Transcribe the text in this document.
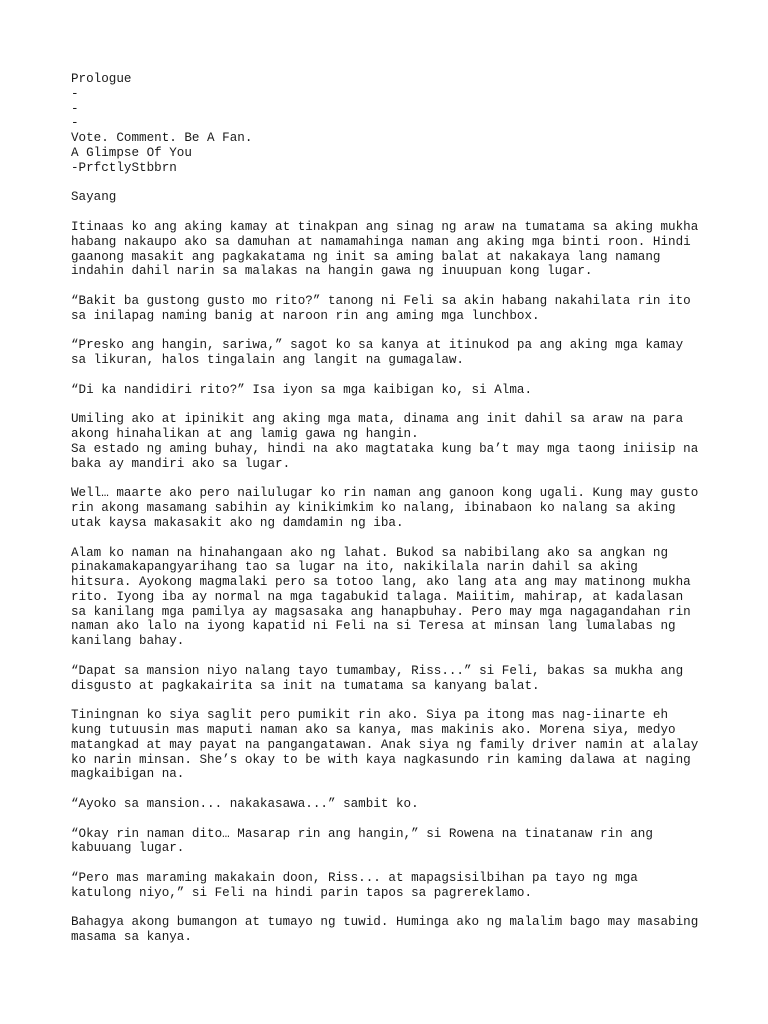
Prologue
-
-
-
Vote. Comment. Be A Fan.
A Glimpse Of You
-PrfctlyStbbrn
Sayang
Itinaas ko ang aking kamay at tinakpan ang sinag ng araw na tumatama sa aking mukha
habang nakaupo ako sa damuhan at namamahinga naman ang aking mga binti roon. Hindi
gaanong masakit ang pagkakatama ng init sa aming balat at nakakaya lang namang
indahin dahil narin sa malakas na hangin gawa ng inuupuan kong lugar.
“Bakit ba gustong gusto mo rito?” tanong ni Feli sa akin habang nakahilata rin ito
sa inilapag naming banig at naroon rin ang aming mga lunchbox.
“Presko ang hangin, sariwa,” sagot ko sa kanya at itinukod pa ang aking mga kamay
sa likuran, halos tingalain ang langit na gumagalaw.
“Di ka nandidiri rito?” Isa iyon sa mga kaibigan ko, si Alma.
Umiling ako at ipinikit ang aking mga mata, dinama ang init dahil sa araw na para
akong hinahalikan at ang lamig gawa ng hangin.
Sa estado ng aming buhay, hindi na ako magtataka kung ba’t may mga taong iniisip na
baka ay mandiri ako sa lugar.
Well… maarte ako pero nailulugar ko rin naman ang ganoon kong ugali. Kung may gusto
rin akong masamang sabihin ay kinikimkim ko nalang, ibinabaon ko nalang sa aking
utak kaysa makasakit ako ng damdamin ng iba.
Alam ko naman na hinahangaan ako ng lahat. Bukod sa nabibilang ako sa angkan ng
pinakamakapangyarihang tao sa lugar na ito, nakikilala narin dahil sa aking
hitsura. Ayokong magmalaki pero sa totoo lang, ako lang ata ang may matinong mukha
rito. Iyong iba ay normal na mga tagabukid talaga. Maiitim, mahirap, at kadalasan
sa kanilang mga pamilya ay magsasaka ang hanapbuhay. Pero may mga nagagandahan rin
naman ako lalo na iyong kapatid ni Feli na si Teresa at minsan lang lumalabas ng
kanilang bahay.
“Dapat sa mansion niyo nalang tayo tumambay, Riss...” si Feli, bakas sa mukha ang
disgusto at pagkakairita sa init na tumatama sa kanyang balat.
Tiningnan ko siya saglit pero pumikit rin ako. Siya pa itong mas nag-iinarte eh
kung tutuusin mas maputi naman ako sa kanya, mas makinis ako. Morena siya, medyo
matangkad at may payat na pangangatawan. Anak siya ng family driver namin at alalay
ko narin minsan. She’s okay to be with kaya nagkasundo rin kaming dalawa at naging
magkaibigan na.
“Ayoko sa mansion... nakakasawa...” sambit ko.
“Okay rin naman dito… Masarap rin ang hangin,” si Rowena na tinatanaw rin ang
kabuuang lugar.
“Pero mas maraming makakain doon, Riss... at mapagsisilbihan pa tayo ng mga
katulong niyo,” si Feli na hindi parin tapos sa pagrereklamo.
Bahagya akong bumangon at tumayo ng tuwid. Huminga ako ng malalim bago may masabing
masama sa kanya.
